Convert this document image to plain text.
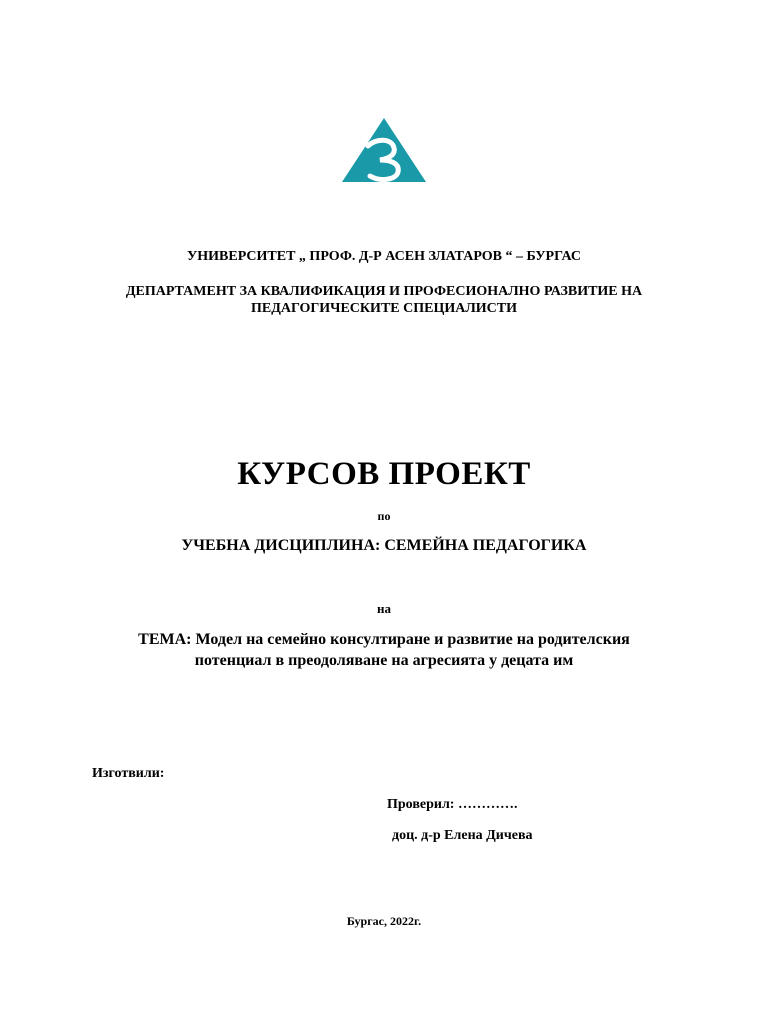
УНИВЕРСИТЕТ „ ПРОФ. Д-Р АСЕН ЗЛАТАРОВ “ – БУРГАС
ДЕПАРТАМЕНТ ЗА КВАЛИФИКАЦИЯ И ПРОФЕСИОНАЛНО РАЗВИТИЕ НА
ПЕДАГОГИЧЕСКИТЕ СПЕЦИАЛИСТИ
КУРСОВ ПРОЕКТ
по
УЧЕБНА ДИСЦИПЛИНА: СЕМЕЙНА ПЕДАГОГИКА
на
ТЕМА: Модел на семейно консултиране и развитие на родителския
потенциал в преодоляване на агресията у децата им
Изготвили:
Проверил: ………….
доц. д-р Елена Дичева
Бургас, 2022г.
